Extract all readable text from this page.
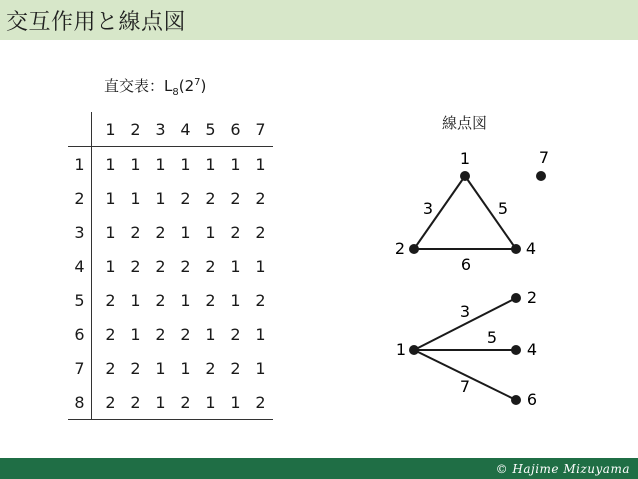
交互作用と線点図
直交表：$L_8(2^7)$
	1	2	3	4	5	6	7
1	1	1	1	1	1	1	1
2	1	1	1	2	2	2	2
3	1	2	2	1	1	2	2
4	1	2	2	2	2	1	1
5	2	1	2	1	2	1	2
6	2	1	2	2	1	2	1
7	2	2	1	1	2	2	1
8	2	2	1	2	1	1	2
線点図
1
2	4
7
3	5
6
1
2
4
6
3
5
7
© Hajime Mizuyama
